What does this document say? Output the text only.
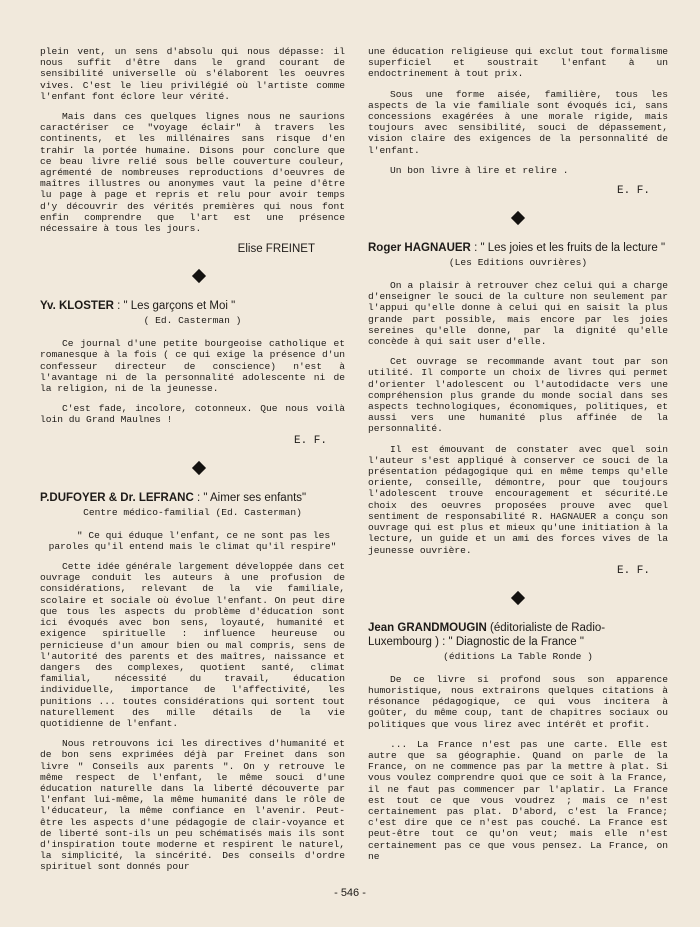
plein vent, un sens d'absolu qui nous dépasse: il nous suffit d'être dans le grand courant de sensibilité universelle où s'élaborent les oeuvres vives. C'est le lieu privilégié où l'artiste comme l'enfant font éclore leur vérité.

Mais dans ces quelques lignes nous ne saurions caractériser ce "voyage éclair" à travers les continents, et les millénaires sans risque d'en trahir la portée humaine. Disons pour conclure que ce beau livre relié sous belle couverture couleur, agrémenté de nombreuses reproductions d'oeuvres de maîtres illustres ou anonymes vaut la peine d'être lu page à page et repris et relu pour avoir temps d'y découvrir des vérités premières qui nous font enfin comprendre que l'art est une présence nécessaire à tous les jours.

Elise FREINET
Yv. KLOSTER : " Les garçons et Moi "
( Ed. Casterman )

Ce journal d'une petite bourgeoise catholique et romanesque à la fois ( ce qui exige la présence d'un confesseur directeur de conscience) n'est à l'avantage ni de la personnalité adolescente ni de la religion, ni de la jeunesse.

C'est fade, incolore, cotonneux. Que nous voilà loin du Grand Maulnes !

E. F.
P.DUFOYER & Dr. LEFRANC : " Aimer ses enfants"
Centre médico-familial (Ed. Casterman)

" Ce qui éduque l'enfant, ce ne sont pas les paroles qu'il entend mais le climat qu'il respire"

Cette idée générale largement développée dans cet ouvrage conduit les auteurs à une profusion de considérations, relevant de la vie familiale, scolaire et sociale où évolue l'enfant. On peut dire que tous les aspects du problème d'éducation sont ici évoqués avec bon sens, loyauté, humanité et exigence spirituelle : influence heureuse ou pernicieuse d'un amour bien ou mal compris, sens de l'autorité des parents et des maîtres, naissance et dangers des complexes, quotient santé, climat familial, nécessité du travail, éducation individuelle, importance de l'affectivité, les punitions ... toutes considérations qui sortent tout naturellement des mille détails de la vie quotidienne de l'enfant.

Nous retrouvons ici les directives d'humanité et de bon sens exprimées déjà par Freinet dans son livre " Conseils aux parents ". On y retrouve le même respect de l'enfant, le même souci d'une éducation naturelle dans la liberté découverte par l'enfant lui-même, la même humanité dans le rôle de l'éducateur, la même confiance en l'avenir. Peut-être les aspects d'une pédagogie de clair-voyance et de liberté sont-ils un peu schématisés mais ils sont d'inspiration toute moderne et respirent le naturel, la simplicité, la sincérité. Des conseils d'ordre spirituel sont donnés pour

une éducation religieuse qui exclut tout formalisme superficiel et soustrait l'enfant à un endoctrinement à tout prix.

Sous une forme aisée, familière, tous les aspects de la vie familiale sont évoqués ici, sans concessions exagérées à une morale rigide, mais toujours avec sensibilité, souci de dépassement, vision claire des exigences de la personnalité de l'enfant.

Un bon livre à lire et relire .

E. F.
Roger HAGNAUER : " Les joies et les fruits de la lecture "
(Les Editions ouvrières)

On a plaisir à retrouver chez celui qui a charge d'enseigner le souci de la culture non seulement par l'appui qu'elle donne à celui qui en saisit la plus grande part possible, mais encore par les joies sereines qu'elle donne, par la dignité qu'elle concède à qui sait user d'elle.

Cet ouvrage se recommande avant tout par son utilité. Il comporte un choix de livres qui permet d'orienter l'adolescent ou l'autodidacte vers une compréhension plus grande du monde social dans ses aspects technologiques, économiques, politiques, et aussi vers une humanité plus affinée de la personnalité.

Il est émouvant de constater avec quel soin l'auteur s'est appliqué à conserver ce souci de la présentation pédagogique qui en même temps qu'elle oriente, conseille, démontre, pour que toujours l'adolescent trouve encouragement et sécurité.Le choix des oeuvres proposées prouve avec quel sentiment de responsabilité R. HAGNAUER a conçu son ouvrage qui est plus et mieux qu'une initiation à la lecture, un guide et un ami des forces vives de la jeunesse ouvrière.

E. F.
Jean GRANDMOUGIN (éditorialiste de Radio-Luxembourg ) : " Diagnostic de la France "
(éditions La Table Ronde )

De ce livre si profond sous son apparence humoristique, nous extrairons quelques citations à résonance pédagogique, ce qui vous incitera à goûter, du même coup, tant de chapitres sociaux ou politiques que vous lirez avec intérêt et profit.

... La France n'est pas une carte. Elle est autre que sa géographie. Quand on parle de la France, on ne commence pas par la mettre à plat. Si vous voulez comprendre quoi que ce soit à la France, il ne faut pas commencer par l'aplatir. La France est tout ce que vous voudrez ; mais ce n'est certainement pas plat. D'abord, c'est la France; c'est dire que ce n'est pas couché. La France est peut-être tout ce qu'on veut; mais elle n'est certainement pas ce que vous pensez. La France, on ne

- 546 -
